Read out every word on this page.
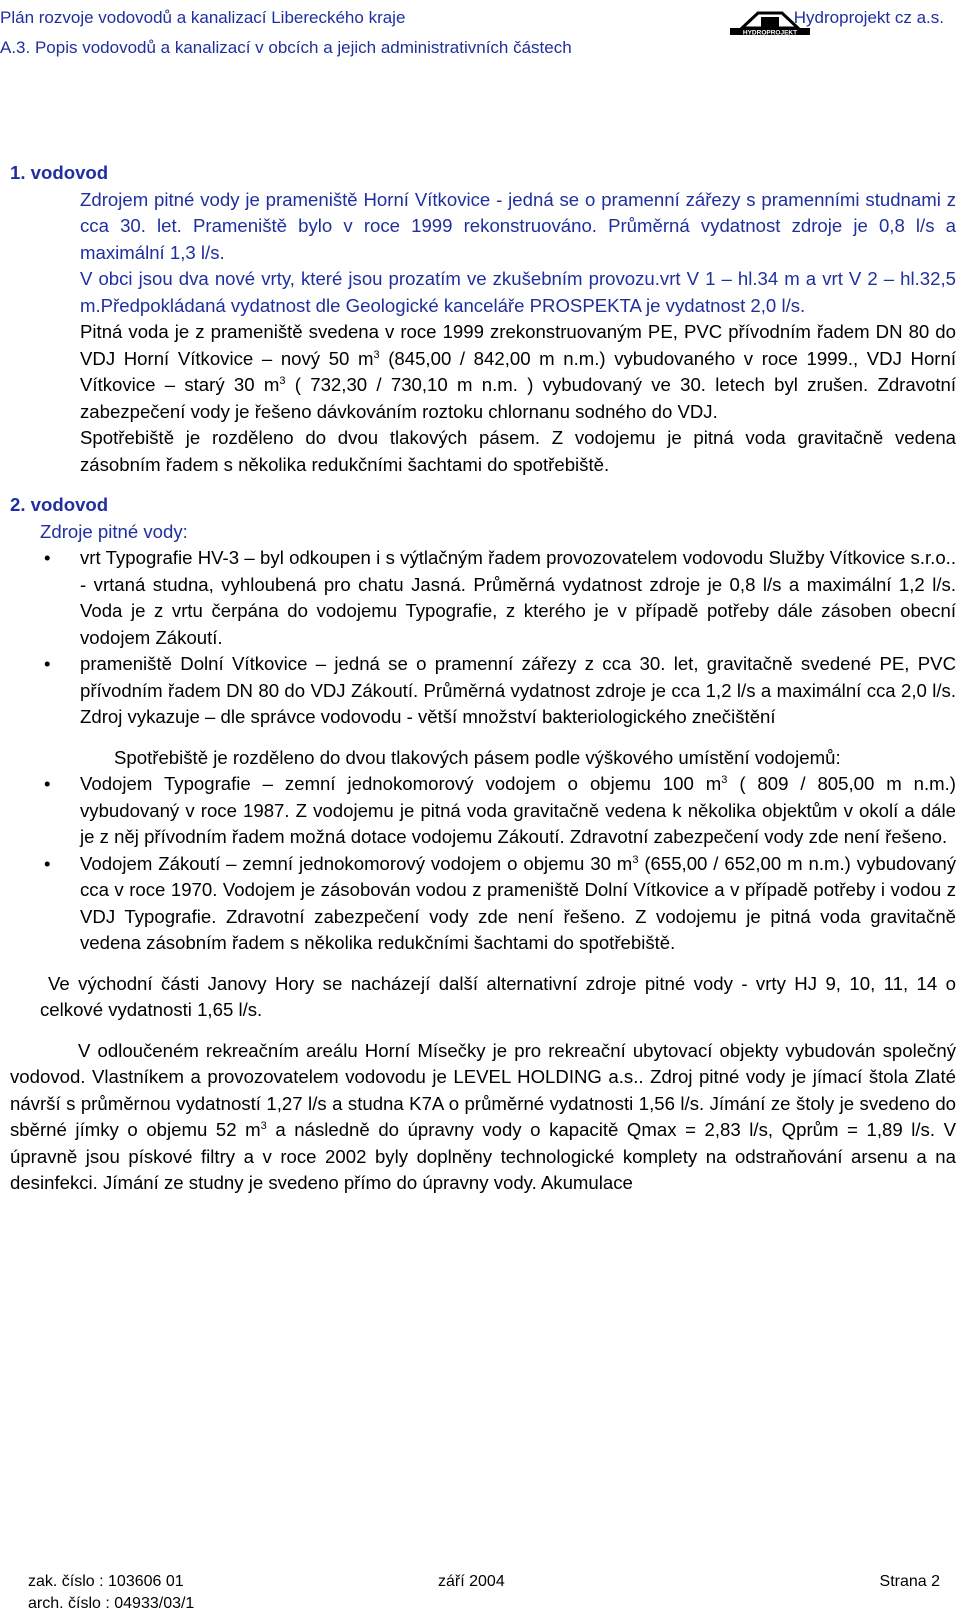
Plán rozvoje vodovodů a kanalizací Libereckého kraje
HYDROPROJEKT
Hydroprojekt cz a.s.
A.3. Popis vodovodů a kanalizací v obcích a jejich administrativních částech

1. vodovod

Zdrojem pitné vody je prameniště Horní Vítkovice - jedná se o pramenní zářezy s pramenními studnami z cca 30. let. Prameniště bylo v roce 1999 rekonstruováno. Průměrná vydatnost zdroje je 0,8 l/s a maximální 1,3 l/s.

V obci jsou dva nové vrty, které jsou prozatím ve zkušebním provozu.vrt V 1 – hl.34 m a vrt V 2 – hl.32,5 m.Předpokládaná vydatnost dle Geologické kanceláře PROSPEKTA je vydatnost 2,0 l/s.

Pitná voda je z prameniště svedena v roce 1999 zrekonstruovaným PE, PVC přívodním řadem DN 80 do VDJ Horní Vítkovice – nový 50 $m^3$ (845,00 / 842,00 m n.m.) vybudovaného v roce 1999., VDJ Horní Vítkovice – starý 30 $m^3$ ( 732,30 / 730,10 m n.m. ) vybudovaný ve 30. letech byl zrušen. Zdravotní zabezpečení vody je řešeno dávkováním roztoku chlornanu sodného do VDJ.

Spotřebiště je rozděleno do dvou tlakových pásem. Z vodojemu je pitná voda gravitačně vedena zásobním řadem s několika redukčními šachtami do spotřebiště.

2. vodovod

Zdroje pitné vody:

• vrt Typografie HV-3 – byl odkoupen i s výtlačným řadem provozovatelem vodovodu Služby Vítkovice s.r.o.. - vrtaná studna, vyhloubená pro chatu Jasná. Průměrná vydatnost zdroje je 0,8 l/s a maximální 1,2 l/s. Voda je z vrtu čerpána do vodojemu Typografie, z kterého je v případě potřeby dále zásoben obecní vodojem Zákoutí.
• prameniště Dolní Vítkovice – jedná se o pramenní zářezy z cca 30. let, gravitačně svedené PE, PVC přívodním řadem DN 80 do VDJ Zákoutí. Průměrná vydatnost zdroje je cca 1,2 l/s a maximální cca 2,0 l/s. Zdroj vykazuje – dle správce vodovodu - větší množství bakteriologického znečištění

Spotřebiště je rozděleno do dvou tlakových pásem podle výškového umístění vodojemů:

• Vodojem Typografie – zemní jednokomorový vodojem o objemu 100 $m^3$ ( 809 / 805,00 m n.m.) vybudovaný v roce 1987. Z vodojemu je pitná voda gravitačně vedena k několika objektům v okolí a dále je z něj přívodním řadem možná dotace vodojemu Zákoutí. Zdravotní zabezpečení vody zde není řešeno.
• Vodojem Zákoutí – zemní jednokomorový vodojem o objemu 30 $m^3$ (655,00 / 652,00 m n.m.) vybudovaný cca v roce 1970. Vodojem je zásobován vodou z prameniště Dolní Vítkovice a v případě potřeby i vodou z VDJ Typografie. Zdravotní zabezpečení vody zde není řešeno. Z vodojemu je pitná voda gravitačně vedena zásobním řadem s několika redukčními šachtami do spotřebiště.

Ve východní části Janovy Hory se nacházejí další alternativní zdroje pitné vody - vrty HJ 9, 10, 11, 14 o celkové vydatnosti 1,65 l/s.

V odloučeném rekreačním areálu Horní Mísečky je pro rekreační ubytovací objekty vybudován společný vodovod. Vlastníkem a provozovatelem vodovodu je LEVEL HOLDING a.s.. Zdroj pitné vody je jímací štola Zlaté návrší s průměrnou vydatností 1,27 l/s a studna K7A o průměrné vydatnosti 1,56 l/s. Jímání ze štoly je svedeno do sběrné jímky o objemu 52 $m^3$ a následně do úpravny vody o kapacitě Qmax = 2,83 l/s, Qprům = 1,89 l/s. V úpravně jsou pískové filtry a v roce 2002 byly doplněny technologické komplety na odstraňování arsenu a na desinfekci. Jímání ze studny je svedeno přímo do úpravny vody. Akumulace

zak. číslo : 103606 01
arch. číslo : 04933/03/1
září 2004	Strana 2
